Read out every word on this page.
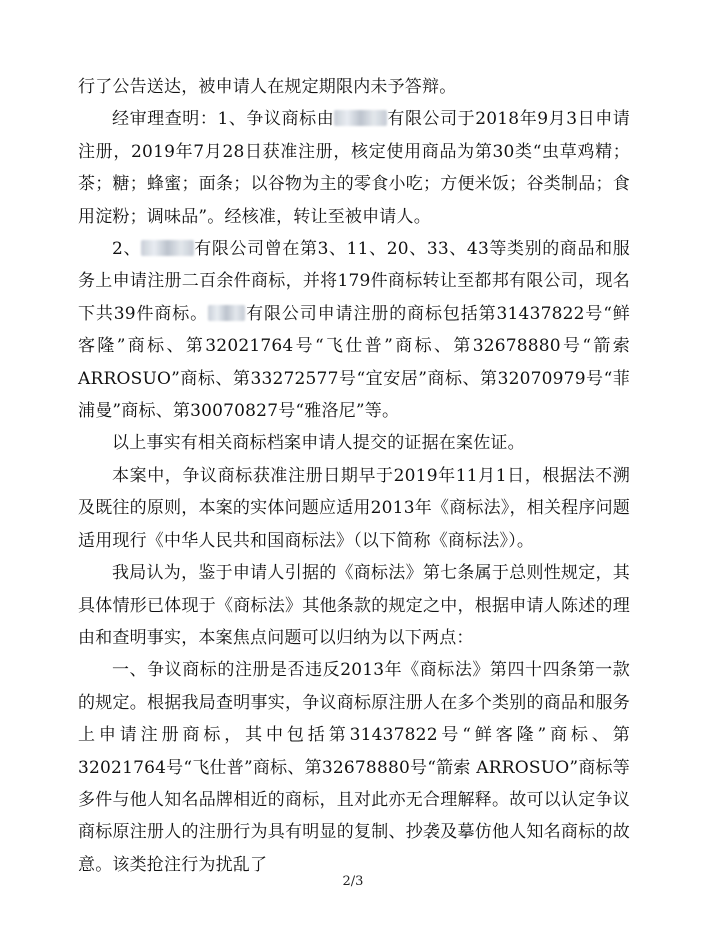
行了公告送达，被申请人在规定期限内未予答辩。

经审理查明：1、争议商标由	有限公司于2018年9月3日申请注册，2019年7月28日获准注册，核定使用商品为第30类“虫草鸡精；茶；糖；蜂蜜；面条；以谷物为主的零食小吃；方便米饭；谷类制品；食用淀粉；调味品”。经核准，转让至被申请人。

2、	有限公司曾在第3、11、20、33、43等类别的商品和服务上申请注册二百余件商标，并将179件商标转让至都邦有限公司，现名下共39件商标。 有限公司申请注册的商标包括第31437822号“鲜客隆”商标、第32021764号“飞仕普”商标、第32678880号“箭索 ARROSUO”商标、第33272577号“宜安居”商标、第32070979号“菲浦曼”商标、第30070827号“雅洛尼”等。

以上事实有相关商标档案申请人提交的证据在案佐证。

本案中，争议商标获准注册日期早于2019年11月1日，根据法不溯及既往的原则，本案的实体问题应适用2013年《商标法》，相关程序问题适用现行《中华人民共和国商标法》（以下简称《商标法》）。

我局认为，鉴于申请人引据的《商标法》第七条属于总则性规定，其具体情形已体现于《商标法》其他条款的规定之中，根据申请人陈述的理由和查明事实，本案焦点问题可以归纳为以下两点：

一、争议商标的注册是否违反2013年《商标法》第四十四条第一款的规定。根据我局查明事实，争议商标原注册人在多个类别的商品和服务上申请注册商标，其中包括第31437822号“鲜客隆”商标、第32021764号“飞仕普”商标、第32678880号“箭索 ARROSUO”商标等多件与他人知名品牌相近的商标，且对此亦无合理解释。故可以认定争议商标原注册人的注册行为具有明显的复制、抄袭及摹仿他人知名商标的故意。该类抢注行为扰乱了

2/3
